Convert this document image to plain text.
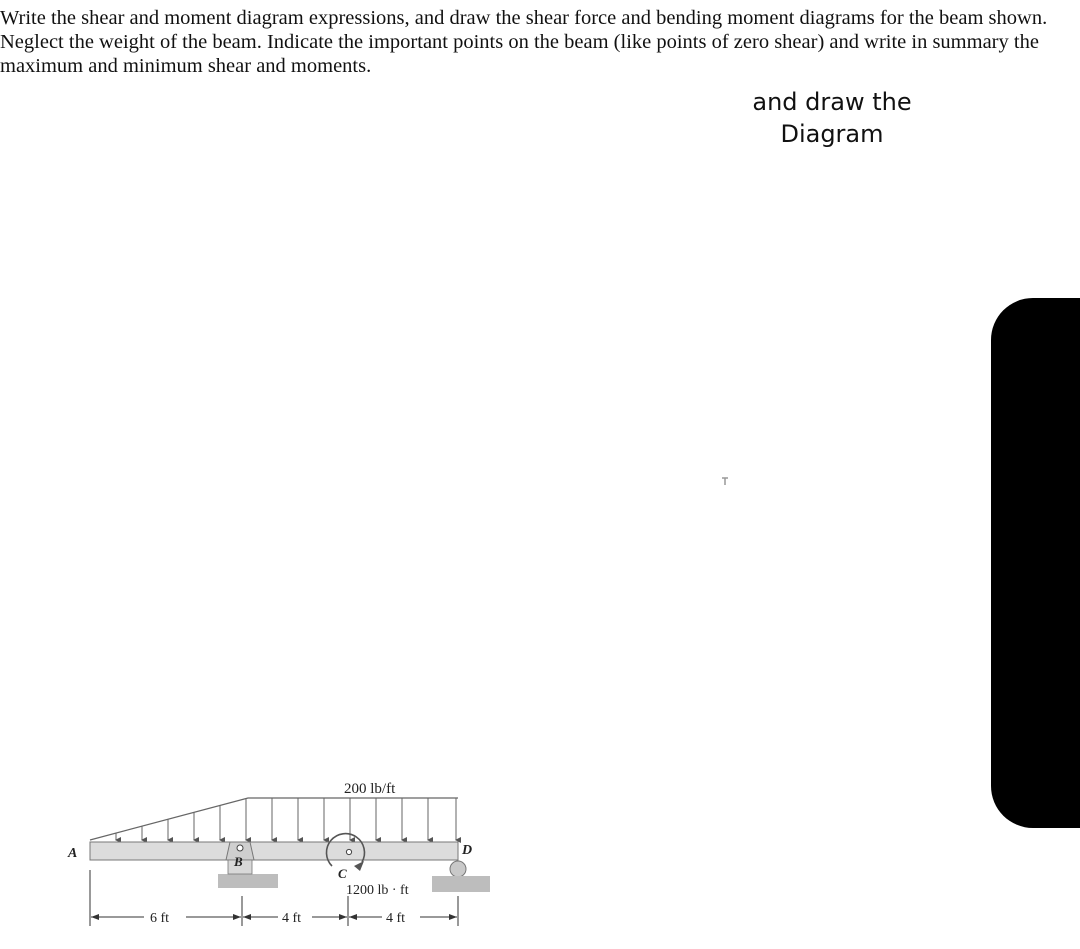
Write the shear and moment diagram expressions, and draw the shear force and bending moment diagrams for the beam shown. Neglect the weight of the beam. Indicate the important points on the beam (like points of zero shear) and write in summary the maximum and minimum shear and moments.

and draw the
Diagram
200 lb/ft
A
B
C
1200 lb · ft
D
6 ft	4 ft	4 ft
